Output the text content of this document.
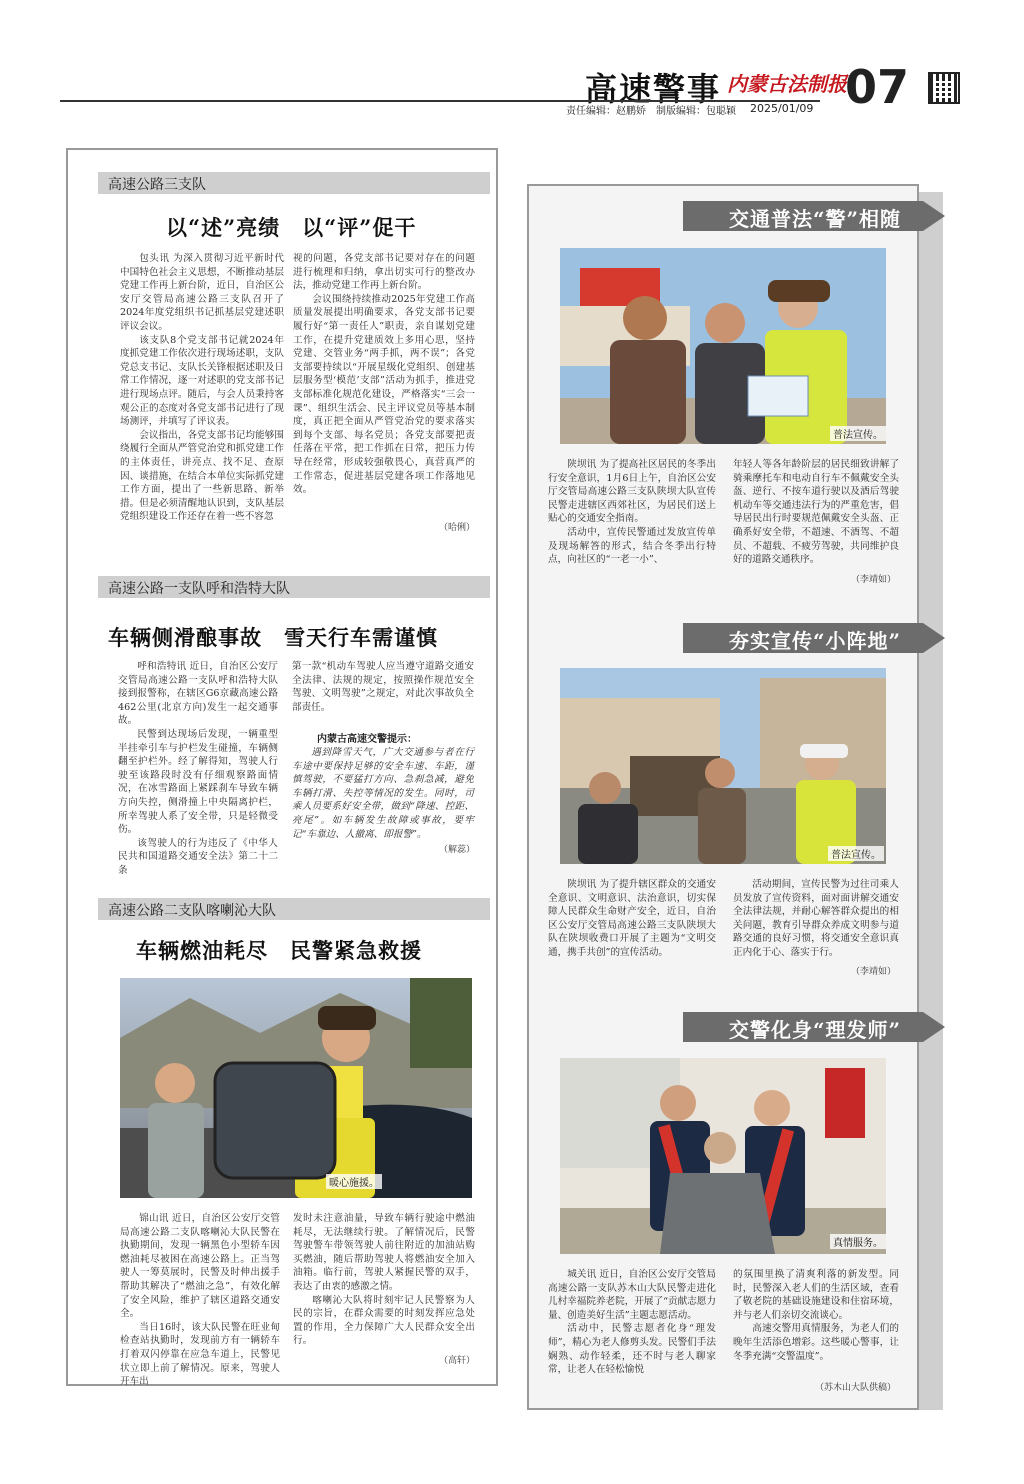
高速警事 内蒙古法制报
责任编辑：赵鹏娇　制版编辑：包聪颖 2025/01/09 07
高速公路三支队
以“述”亮绩　以“评”促干

包头讯 为深入贯彻习近平新时代中国特色社会主义思想，不断推动基层党建工作再上新台阶，近日，自治区公安厅交管局高速公路三支队召开了2024年度党组织书记抓基层党建述职评议会议。

该支队8个党支部书记就2024年度抓党建工作依次进行现场述职，支队党总支书记、支队长关锋根据述职及日常工作情况，逐一对述职的党支部书记进行现场点评。随后，与会人员秉持客观公正的态度对各党支部书记进行了现场测评，并填写了评议表。

会议指出，各党支部书记均能够围绕履行全面从严管党治党和抓党建工作的主体责任，讲亮点、找不足、查原因、谈措施，在结合本单位实际抓党建工作方面，提出了一些新思路、新举措。但是必须清醒地认识到，支队基层党组织建设工作还存在着一些不容忽

视的问题，各党支部书记要对存在的问题进行梳理和归纳，拿出切实可行的整改办法，推动党建工作再上新台阶。

会议围绕持续推动2025年党建工作高质量发展提出明确要求，各党支部书记要履行好“第一责任人”职责，亲自谋划党建工作，在提升党建质效上多用心思，坚持党建、交管业务“两手抓，两不误”；各党支部要持续以“开展星级化党组织、创建基层服务型‘模范’支部”活动为抓手，推进党支部标准化规范化建设，严格落实“三会一课”、组织生活会、民主评议党员等基本制度，真正把全面从严管党治党的要求落实到每个支部、每名党员；各党支部要把责任落在平常，把工作抓在日常，把压力传导在经常，形成较强敬畏心，真营真严的工作常态，促进基层党建各项工作落地见效。

（哈俐）
高速公路一支队呼和浩特大队
车辆侧滑酿事故　雪天行车需谨慎

呼和浩特讯 近日，自治区公安厅交管局高速公路一支队呼和浩特大队接到报警称，在辖区G6京藏高速公路462公里(北京方向)发生一起交通事故。

民警到达现场后发现，一辆重型半挂牵引车与护栏发生碰撞，车辆侧翻至护栏外。经了解得知，驾驶人行驶至该路段时没有仔细观察路面情况，在冰雪路面上紧踩刹车导致车辆方向失控，侧滑撞上中央隔离护栏，所幸驾驶人系了安全带，只是轻微受伤。

该驾驶人的行为违反了《中华人民共和国道路交通安全法》第二十二条

第一款“机动车驾驶人应当遵守道路交通安全法律、法规的规定，按照操作规范安全驾驶、文明驾驶”之规定，对此次事故负全部责任。

内蒙古高速交警提示：

遇到降雪天气，广大交通参与者在行车途中要保持足够的安全车速、车距，谨慎驾驶，不要猛打方向、急刹急减，避免车辆打滑、失控等情况的发生。同时，司乘人员要系好安全带，做到“降速、控距、亮尾”。如车辆发生故障或事故，要牢记“车靠边、人撤离、即报警”。

（解蕊）
高速公路二支队喀喇沁大队
车辆燃油耗尽　民警紧急救援
暖心施援。

锦山讯 近日，自治区公安厅交管局高速公路二支队喀喇沁大队民警在执勤期间，发现一辆黑色小型轿车因燃油耗尽被困在高速公路上。正当驾驶人一筹莫展时，民警及时伸出援手帮助其解决了“燃油之急”，有效化解了安全风险，维护了辖区道路交通安全。

当日16时，该大队民警在旺业甸检查站执勤时，发现前方有一辆轿车打着双闪停靠在应急车道上，民警见状立即上前了解情况。原来，驾驶人开车出

发时未注意油量，导致车辆行驶途中燃油耗尽，无法继续行驶。了解情况后，民警驾驶警车带领驾驶人前往附近的加油站购买燃油，随后帮助驾驶人将燃油安全加入油箱。临行前，驾驶人紧握民警的双手，表达了由衷的感激之情。

喀喇沁大队将时刻牢记人民警察为人民的宗旨，在群众需要的时刻发挥应急处置的作用，全力保障广大人民群众安全出行。

（高轩）
交通普法“警”相随
普法宣传。

陕坝讯 为了提高社区居民的冬季出行安全意识，1月6日上午，自治区公安厅交管局高速公路三支队陕坝大队宣传民警走进辖区西郊社区，为居民们送上贴心的交通安全指南。

活动中，宣传民警通过发放宣传单及现场解答的形式，结合冬季出行特点，向社区的“一老一小”、

年轻人等各年龄阶层的居民细致讲解了骑乘摩托车和电动自行车不佩戴安全头盔、逆行、不按车道行驶以及酒后驾驶机动车等交通违法行为的严重危害，倡导居民出行时要规范佩戴安全头盔、正确系好安全带，不超速、不酒驾、不超员、不超载、不疲劳驾驶，共同维护良好的道路交通秩序。

（李靖如）
夯实宣传“小阵地”
普法宣传。

陕坝讯 为了提升辖区群众的交通安全意识、文明意识、法治意识，切实保障人民群众生命财产安全，近日，自治区公安厅交管局高速公路三支队陕坝大队在陕坝收费口开展了主题为“文明交通，携手共创”的宣传活动。

活动期间，宣传民警为过往司乘人员发放了宣传资料，面对面讲解交通安全法律法规，并耐心解答群众提出的相关问题，教育引导群众养成文明参与道路交通的良好习惯，将交通安全意识真正内化于心、落实于行。

（李靖如）
交警化身“理发师”
真情服务。

城关讯 近日，自治区公安厅交管局高速公路一支队苏木山大队民警走进化儿村幸福院养老院，开展了“贡献志愿力量、创造美好生活”主题志愿活动。

活动中，民警志愿者化身“理发师”，精心为老人修剪头发。民警们手法娴熟、动作轻柔，还不时与老人聊家常，让老人在轻松愉悦

的氛围里换了清爽利落的新发型。同时，民警深入老人们的生活区域，查看了敬老院的基础设施建设和住宿环境，并与老人们亲切交流谈心。

高速交警用真情服务，为老人们的晚年生活添色增彩。这些暖心警事，让冬季充满“交警温度”。

（苏木山大队供稿）
